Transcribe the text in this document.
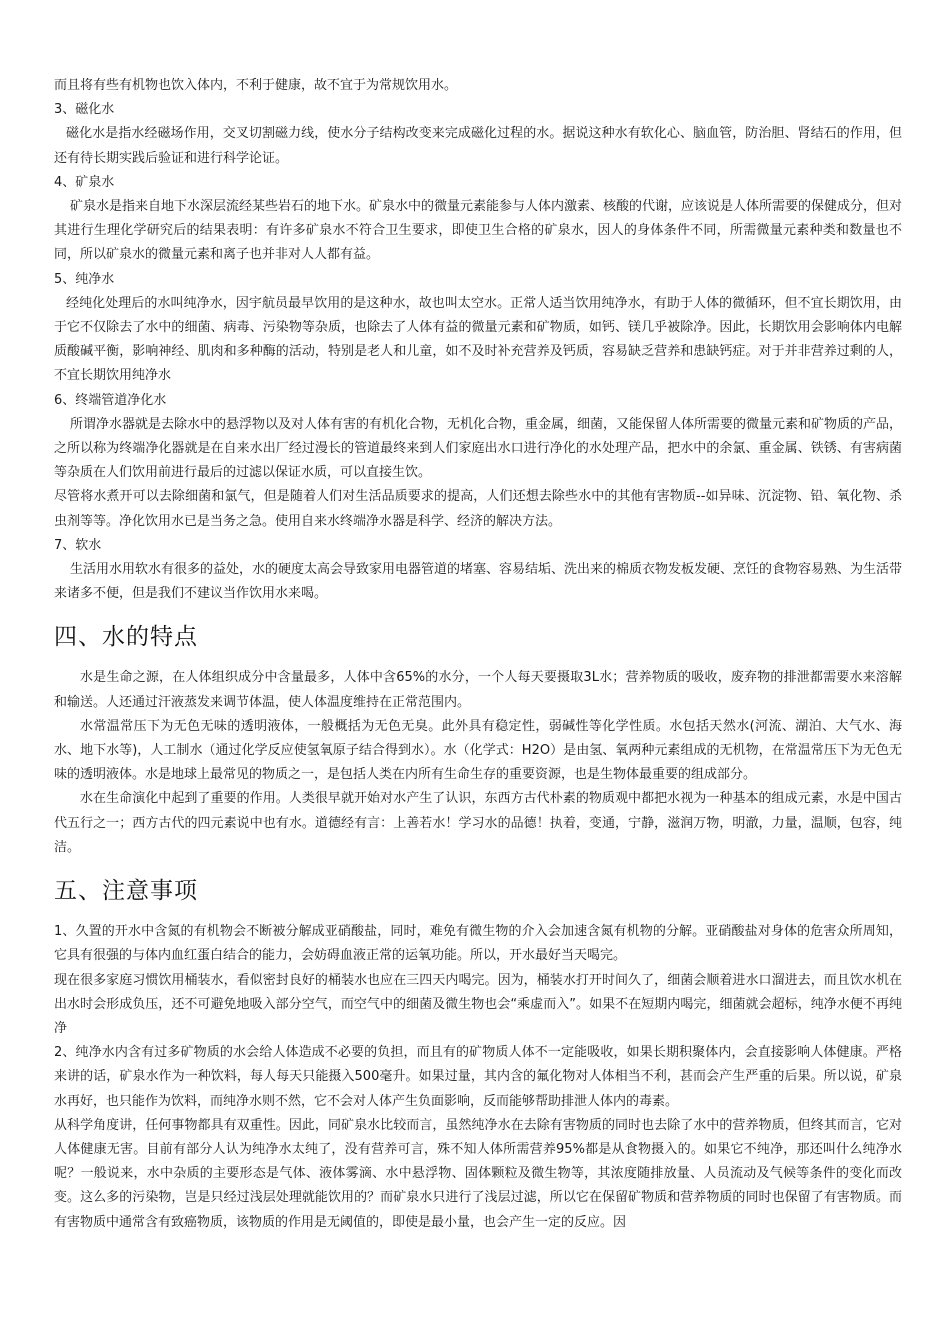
而且将有些有机物也饮入体内，不利于健康，故不宜于为常规饮用水。

3、磁化水

磁化水是指水经磁场作用，交叉切割磁力线，使水分子结构改变来完成磁化过程的水。据说这种水有软化心、脑血管，防治胆、肾结石的作用，但还有待长期实践后验证和进行科学论证。

4、矿泉水

矿泉水是指来自地下水深层流经某些岩石的地下水。矿泉水中的微量元素能参与人体内激素、核酸的代谢，应该说是人体所需要的保健成分，但对其进行生理化学研究后的结果表明：有许多矿泉水不符合卫生要求，即使卫生合格的矿泉水，因人的身体条件不同，所需微量元素种类和数量也不同，所以矿泉水的微量元素和离子也并非对人人都有益。

5、纯净水

经纯化处理后的水叫纯净水，因宇航员最早饮用的是这种水，故也叫太空水。正常人适当饮用纯净水，有助于人体的微循环，但不宜长期饮用，由于它不仅除去了水中的细菌、病毒、污染物等杂质，也除去了人体有益的微量元素和矿物质，如钙、镁几乎被除净。因此，长期饮用会影响体内电解质酸碱平衡，影响神经、肌肉和多种酶的活动，特别是老人和儿童，如不及时补充营养及钙质，容易缺乏营养和患缺钙症。对于并非营养过剩的人，不宜长期饮用纯净水

6、终端管道净化水

所谓净水器就是去除水中的悬浮物以及对人体有害的有机化合物，无机化合物，重金属，细菌，又能保留人体所需要的微量元素和矿物质的产品，之所以称为终端净化器就是在自来水出厂经过漫长的管道最终来到人们家庭出水口进行净化的水处理产品，把水中的余氯、重金属、铁锈、有害病菌等杂质在人们饮用前进行最后的过滤以保证水质，可以直接生饮。

尽管将水煮开可以去除细菌和氯气，但是随着人们对生活品质要求的提高，人们还想去除些水中的其他有害物质--如异味、沉淀物、铅、氧化物、杀虫剂等等。净化饮用水已是当务之急。使用自来水终端净水器是科学、经济的解决方法。

7、软水

生活用水用软水有很多的益处，水的硬度太高会导致家用电器管道的堵塞、容易结垢、洗出来的棉质衣物发板发硬、烹饪的食物容易熟、为生活带来诸多不便，但是我们不建议当作饮用水来喝。

四、水的特点

水是生命之源，在人体组织成分中含量最多，人体中含65%的水分，一个人每天要摄取3L水；营养物质的吸收，废弃物的排泄都需要水来溶解和输送。人还通过汗液蒸发来调节体温，使人体温度维持在正常范围内。

水常温常压下为无色无味的透明液体，一般概括为无色无臭。此外具有稳定性，弱碱性等化学性质。水包括天然水(河流、湖泊、大气水、海水、地下水等)，人工制水（通过化学反应使氢氧原子结合得到水）。水（化学式：H2O）是由氢、氧两种元素组成的无机物，在常温常压下为无色无味的透明液体。水是地球上最常见的物质之一，是包括人类在内所有生命生存的重要资源，也是生物体最重要的组成部分。

水在生命演化中起到了重要的作用。人类很早就开始对水产生了认识，东西方古代朴素的物质观中都把水视为一种基本的组成元素，水是中国古代五行之一；西方古代的四元素说中也有水。道德经有言：上善若水！学习水的品德！执着，变通，宁静，滋润万物，明澈，力量，温顺，包容，纯洁。

五、注意事项

1、久置的开水中含氮的有机物会不断被分解成亚硝酸盐，同时，难免有微生物的介入会加速含氮有机物的分解。亚硝酸盐对身体的危害众所周知，它具有很强的与体内血红蛋白结合的能力，会妨碍血液正常的运氧功能。所以，开水最好当天喝完。

现在很多家庭习惯饮用桶装水，看似密封良好的桶装水也应在三四天内喝完。因为，桶装水打开时间久了，细菌会顺着进水口溜进去，而且饮水机在出水时会形成负压，还不可避免地吸入部分空气，而空气中的细菌及微生物也会“乘虚而入”。如果不在短期内喝完，细菌就会超标，纯净水便不再纯净

2、纯净水内含有过多矿物质的水会给人体造成不必要的负担，而且有的矿物质人体不一定能吸收，如果长期积聚体内，会直接影响人体健康。严格来讲的话，矿泉水作为一种饮料，每人每天只能摄入500毫升。如果过量，其内含的氟化物对人体相当不利，甚而会产生严重的后果。所以说，矿泉水再好，也只能作为饮料，而纯净水则不然，它不会对人体产生负面影响，反而能够帮助排泄人体内的毒素。

从科学角度讲，任何事物都具有双重性。因此，同矿泉水比较而言，虽然纯净水在去除有害物质的同时也去除了水中的营养物质，但终其而言，它对人体健康无害。目前有部分人认为纯净水太纯了，没有营养可言，殊不知人体所需营养95%都是从食物摄入的。如果它不纯净，那还叫什么纯净水呢？一般说来，水中杂质的主要形态是气体、液体雾滴、水中悬浮物、固体颗粒及微生物等，其浓度随排放量、人员流动及气候等条件的变化而改变。这么多的污染物，岂是只经过浅层处理就能饮用的？而矿泉水只进行了浅层过滤，所以它在保留矿物质和营养物质的同时也保留了有害物质。而有害物质中通常含有致癌物质，该物质的作用是无阈值的，即使是最小量，也会产生一定的反应。因
